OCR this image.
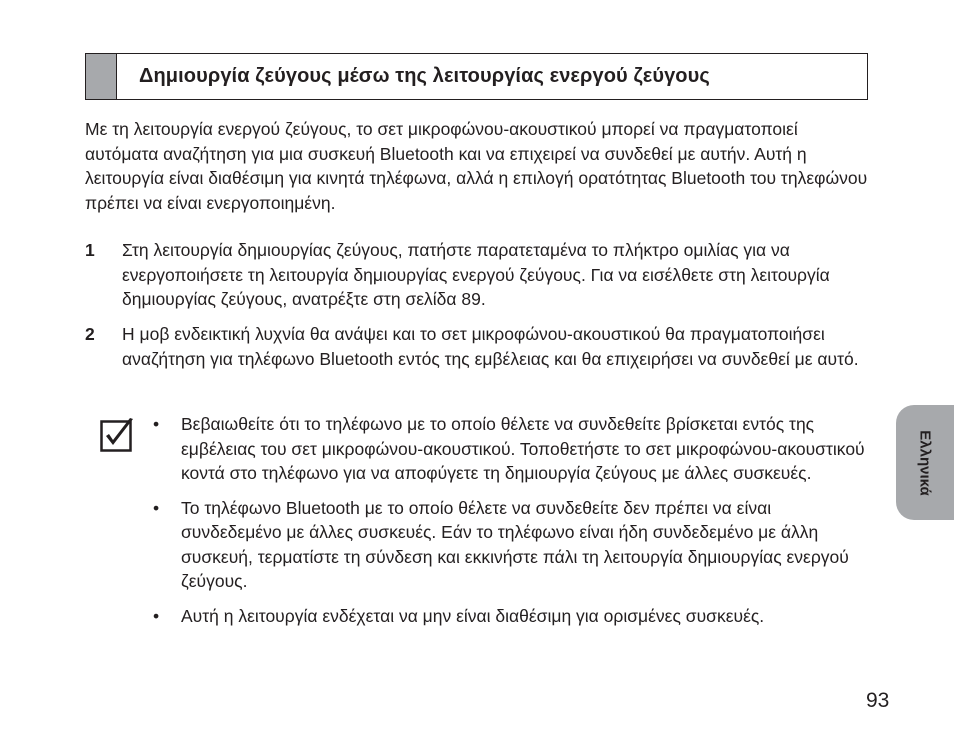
Δημιουργία ζεύγους μέσω της λειτουργίας ενεργού ζεύγους
Με τη λειτουργία ενεργού ζεύγους, το σετ μικροφώνου-ακουστικού μπορεί να πραγματοποιεί αυτόματα αναζήτηση για μια συσκευή Bluetooth και να επιχειρεί να συνδεθεί με αυτήν. Αυτή η λειτουργία είναι διαθέσιμη για κινητά τηλέφωνα, αλλά η επιλογή ορατότητας Bluetooth του τηλεφώνου πρέπει να είναι ενεργοποιημένη.
1	Στη λειτουργία δημιουργίας ζεύγους, πατήστε παρατεταμένα το πλήκτρο ομιλίας για να ενεργοποιήσετε τη λειτουργία δημιουργίας ενεργού ζεύγους. Για να εισέλθετε στη λειτουργία δημιουργίας ζεύγους, ανατρέξτε στη σελίδα 89.
2	Η μοβ ενδεικτική λυχνία θα ανάψει και το σετ μικροφώνου-ακουστικού θα πραγματοποιήσει αναζήτηση για τηλέφωνο Bluetooth εντός της εμβέλειας και θα επιχειρήσει να συνδεθεί με αυτό.
• Βεβαιωθείτε ότι το τηλέφωνο με το οποίο θέλετε να συνδεθείτε βρίσκεται εντός της εμβέλειας του σετ μικροφώνου-ακουστικού. Τοποθετήστε το σετ μικροφώνου-ακουστικού κοντά στο τηλέφωνο για να αποφύγετε τη δημιουργία ζεύγους με άλλες συσκευές.
• Το τηλέφωνο Bluetooth με το οποίο θέλετε να συνδεθείτε δεν πρέπει να είναι συνδεδεμένο με άλλες συσκευές. Εάν το τηλέφωνο είναι ήδη συνδεδεμένο με άλλη συσκευή, τερματίστε τη σύνδεση και εκκινήστε πάλι τη λειτουργία δημιουργίας ενεργού ζεύγους.
• Αυτή η λειτουργία ενδέχεται να μην είναι διαθέσιμη για ορισμένες συσκευές.
Ελληνικά
93
